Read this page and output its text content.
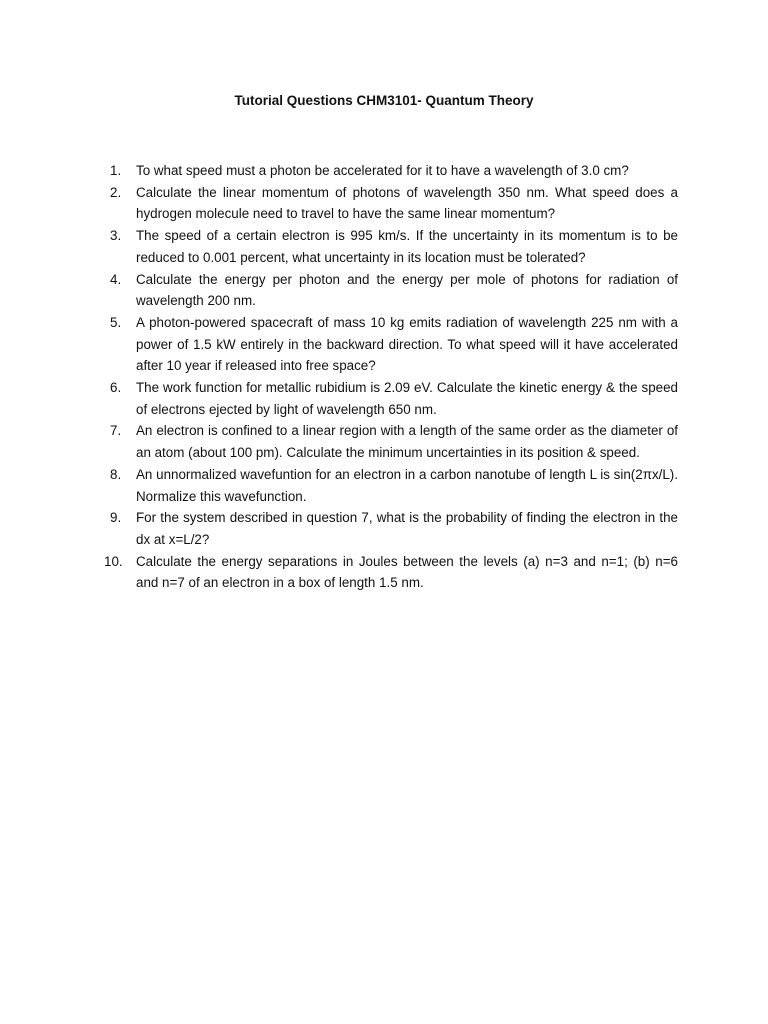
Tutorial Questions CHM3101- Quantum Theory
1.	To what speed must a photon be accelerated for it to have a wavelength of 3.0 cm?
2.	Calculate the linear momentum of photons of wavelength 350 nm. What speed does a hydrogen molecule need to travel to have the same linear momentum?
3.	The speed of a certain electron is 995 km/s. If the uncertainty in its momentum is to be reduced to 0.001 percent, what uncertainty in its location must be tolerated?
4.	Calculate the energy per photon and the energy per mole of photons for radiation of wavelength 200 nm.
5.	A photon-powered spacecraft of mass 10 kg emits radiation of wavelength 225 nm with a power of 1.5 kW entirely in the backward direction. To what speed will it have accelerated after 10 year if released into free space?
6.	The work function for metallic rubidium is 2.09 eV. Calculate the kinetic energy & the speed of electrons ejected by light of wavelength 650 nm.
7.	An electron is confined to a linear region with a length of the same order as the diameter of an atom (about 100 pm). Calculate the minimum uncertainties in its position & speed.
8.	An unnormalized wavefuntion for an electron in a carbon nanotube of length L is sin(2πx/L). Normalize this wavefunction.
9.	For the system described in question 7, what is the probability of finding the electron in the dx at x=L/2?
10. Calculate the energy separations in Joules between the levels (a) n=3 and n=1; (b) n=6 and n=7 of an electron in a box of length 1.5 nm.
